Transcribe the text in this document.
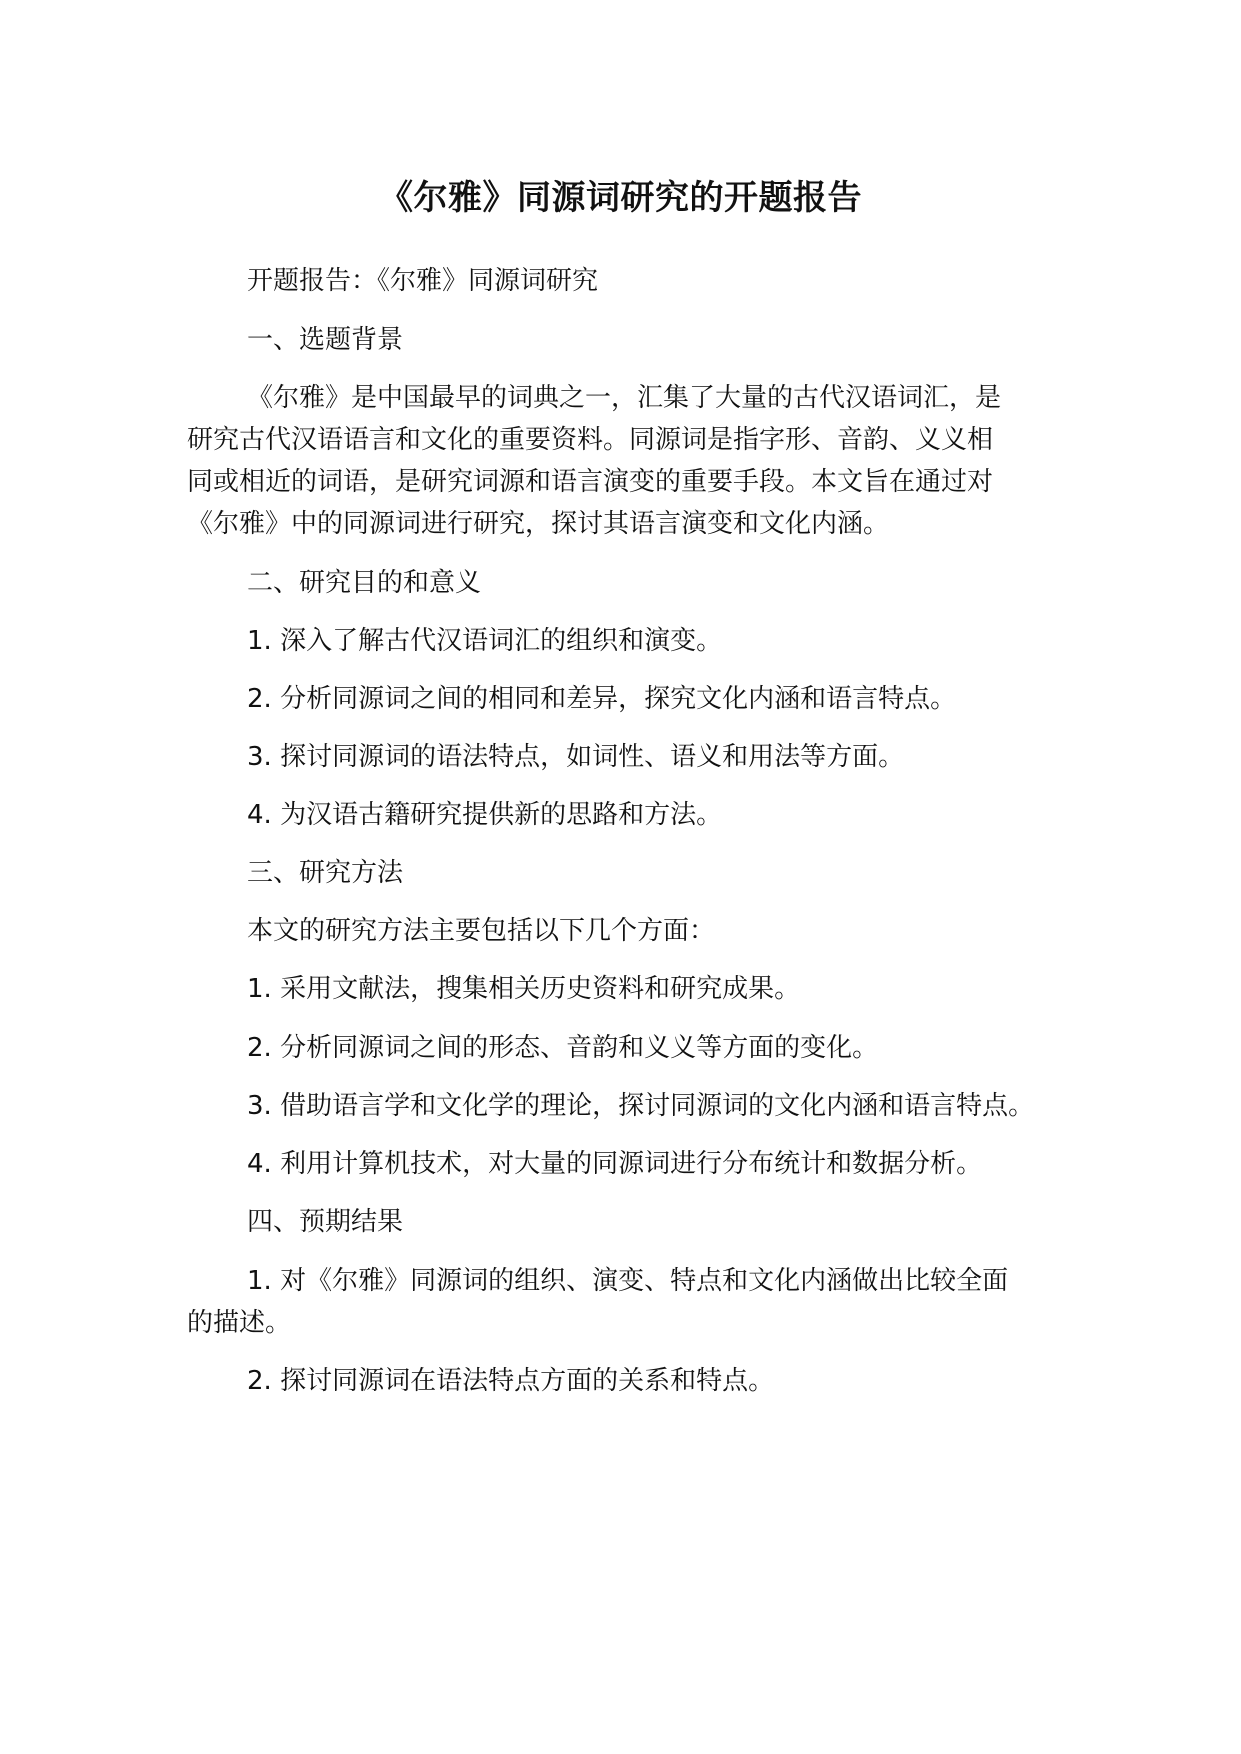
《尔雅》同源词研究的开题报告

开题报告：《尔雅》同源词研究

一、选题背景

《尔雅》是中国最早的词典之一，汇集了大量的古代汉语词汇，是

研究古代汉语语言和文化的重要资料。同源词是指字形、音韵、义义相

同或相近的词语，是研究词源和语言演变的重要手段。本文旨在通过对

《尔雅》中的同源词进行研究，探讨其语言演变和文化内涵。

二、研究目的和意义

1. 深入了解古代汉语词汇的组织和演变。

2. 分析同源词之间的相同和差异，探究文化内涵和语言特点。

3. 探讨同源词的语法特点，如词性、语义和用法等方面。

4. 为汉语古籍研究提供新的思路和方法。

三、研究方法

本文的研究方法主要包括以下几个方面：

1. 采用文献法，搜集相关历史资料和研究成果。

2. 分析同源词之间的形态、音韵和义义等方面的变化。

3. 借助语言学和文化学的理论，探讨同源词的文化内涵和语言特点。

4. 利用计算机技术，对大量的同源词进行分布统计和数据分析。

四、预期结果

1. 对《尔雅》同源词的组织、演变、特点和文化内涵做出比较全面

的描述。

2. 探讨同源词在语法特点方面的关系和特点。
